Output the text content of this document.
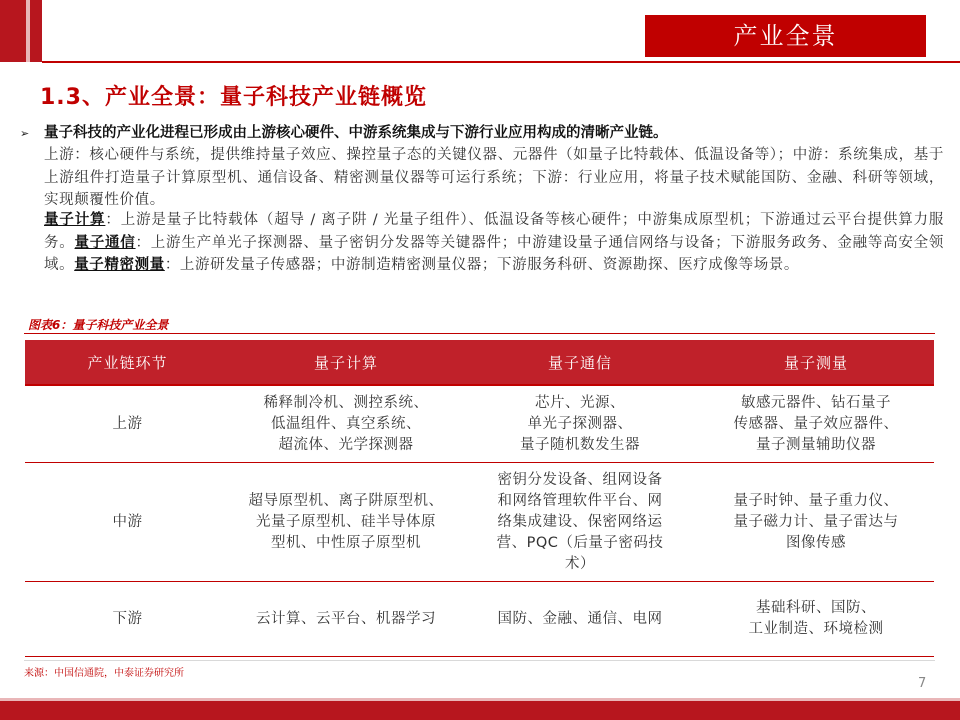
产业全景
1.3、产业全景：量子科技产业链概览
➢ 量子科技的产业化进程已形成由上游核心硬件、中游系统集成与下游行业应用构成的清晰产业链。

上游：核心硬件与系统，提供维持量子效应、操控量子态的关键仪器、元器件（如量子比特载体、低温设备等）；中游：系统集成，基于上游组件打造量子计算原型机、通信设备、精密测量仪器等可运行系统；下游：行业应用，将量子技术赋能国防、金融、科研等领域，实现颠覆性价值。

量子计算：上游是量子比特载体（超导 / 离子阱 / 光量子组件）、低温设备等核心硬件；中游集成原型机；下游通过云平台提供算力服务。量子通信：上游生产单光子探测器、量子密钥分发器等关键器件；中游建设量子通信网络与设备；下游服务政务、金融等高安全领域。量子精密测量：上游研发量子传感器；中游制造精密测量仪器；下游服务科研、资源勘探、医疗成像等场景。

图表6：量子科技产业全景
产业链环节	量子计算	量子通信	量子测量
上游	稀释制冷机、测控系统、
低温组件、真空系统、
超流体、光学探测器	芯片、光源、
单光子探测器、
量子随机数发生器	敏感元器件、钻石量子
传感器、量子效应器件、
量子测量辅助仪器

中游	超导原型机、离子阱原型机、
光量子原型机、硅半导体原
型机、中性原子原型机	密钥分发设备、组网设备
和网络管理软件平台、网
络集成建设、保密网络运
营、PQC（后量子密码技
术）	量子时钟、量子重力仪、
量子磁力计、量子雷达与
图像传感

下游	云计算、云平台、机器学习	国防、金融、通信、电网	基础科研、国防、
工业制造、环境检测
来源：中国信通院，中泰证券研究所
7
